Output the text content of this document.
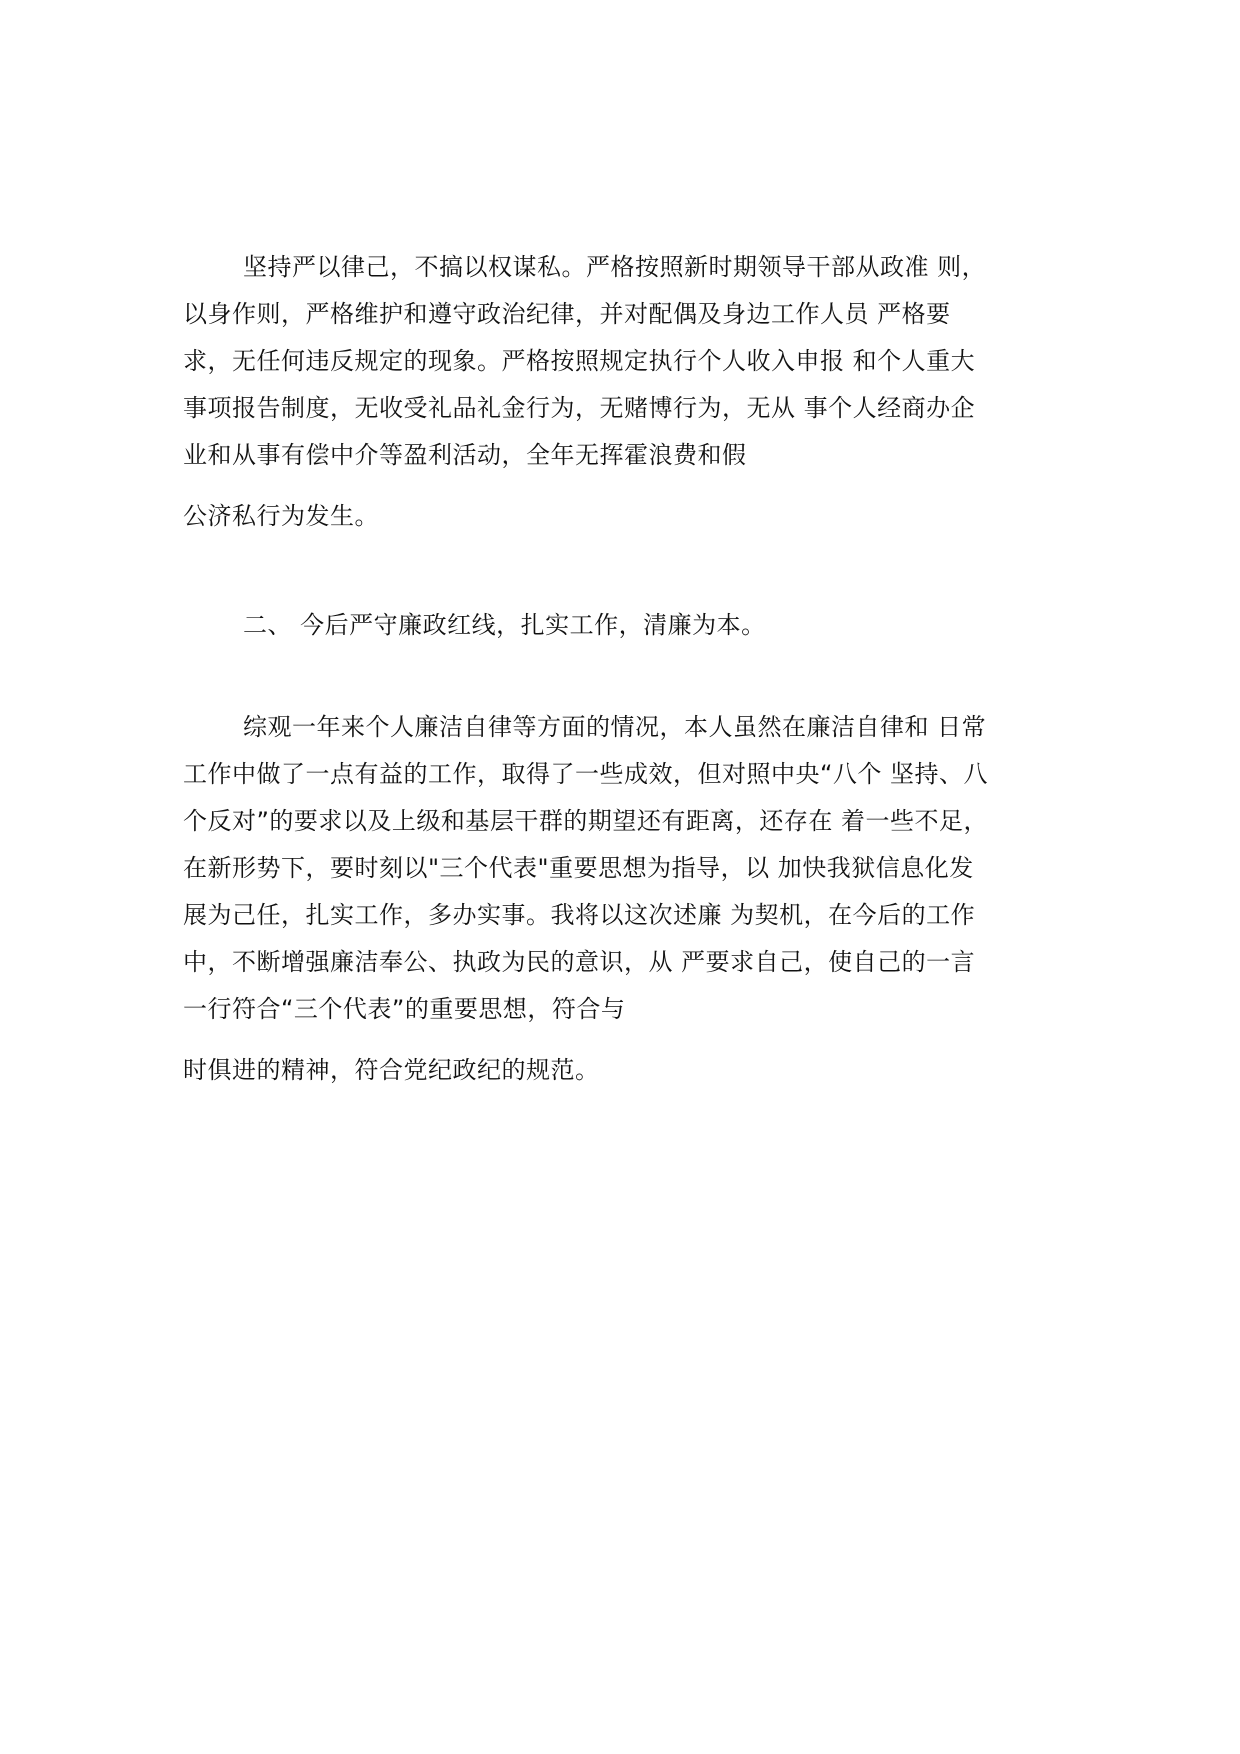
坚持严以律己，不搞以权谋私。严格按照新时期领导干部从政准 则，
以身作则，严格维护和遵守政治纪律，并对配偶及身边工作人员 严格要
求，无任何违反规定的现象。严格按照规定执行个人收入申报 和个人重大
事项报告制度，无收受礼品礼金行为，无赌博行为，无从 事个人经商办企
业和从事有偿中介等盈利活动，全年无挥霍浪费和假
公济私行为发生。
二、 今后严守廉政红线，扎实工作，清廉为本。
综观一年来个人廉洁自律等方面的情况，本人虽然在廉洁自律和 日常
工作中做了一点有益的工作，取得了一些成效，但对照中央“八个 坚持、八
个反对”的要求以及上级和基层干群的期望还有距离，还存在 着一些不足，
在新形势下，要时刻以"三个代表"重要思想为指导，以 加快我狱信息化发
展为己任，扎实工作，多办实事。我将以这次述廉 为契机，在今后的工作
中，不断增强廉洁奉公、执政为民的意识，从 严要求自己，使自己的一言
一行符合“三个代表”的重要思想，符合与
时俱进的精神，符合党纪政纪的规范。
